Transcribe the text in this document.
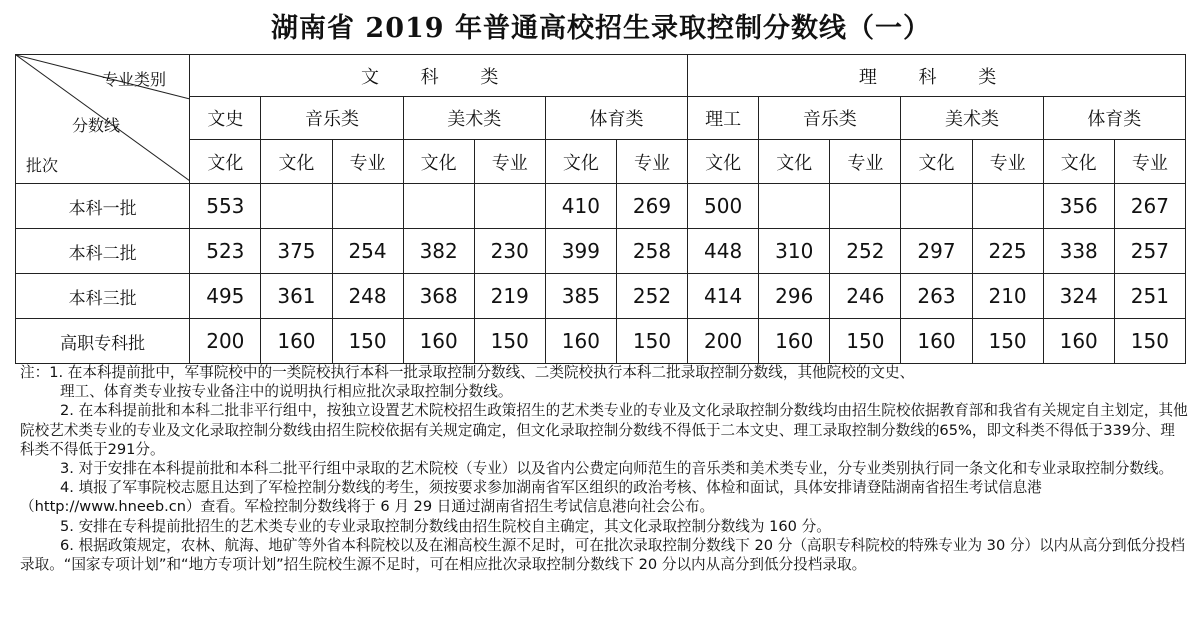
湖南省 2019 年普通高校招生录取控制分数线（一）
专业类别
分数线
批次	文 科 类							理 科 类						
	文史	音乐类		美术类		体育类		理工	音乐类		美术类		体育类	
	文化	文化	专业	文化	专业	文化	专业	文化	文化	专业	文化	专业	文化	专业
本科一批	553					410	269	500					356	267
本科二批	523	375	254	382	230	399	258	448	310	252	297	225	338	257
本科三批	495	361	248	368	219	385	252	414	296	246	263	210	324	251
高职专科批	200	160	150	160	150	160	150	200	160	150	160	150	160	150

注：1. 在本科提前批中，军事院校中的一类院校执行本科一批录取控制分数线、二类院校执行本科二批录取控制分数线，其他院校的文史、

理工、体育类专业按专业备注中的说明执行相应批次录取控制分数线。

2. 在本科提前批和本科二批非平行组中，按独立设置艺术院校招生政策招生的艺术类专业的专业及文化录取控制分数线均由招生院校依据教育部和我省有关规定自主划定，其他院校艺术类专业的专业及文化录取控制分数线由招生院校依据有关规定确定，但文化录取控制分数线不得低于二本文史、理工录取控制分数线的65%，即文科类不得低于339分、理科类不得低于291分。

3. 对于安排在本科提前批和本科二批平行组中录取的艺术院校（专业）以及省内公费定向师范生的音乐类和美术类专业，分专业类别执行同一条文化和专业录取控制分数线。

4. 填报了军事院校志愿且达到了军检控制分数线的考生，须按要求参加湖南省军区组织的政治考核、体检和面试，具体安排请登陆湖南省招生考试信息港（http://www.hneeb.cn）查看。军检控制分数线将于 6 月 29 日通过湖南省招生考试信息港向社会公布。

5. 安排在专科提前批招生的艺术类专业的专业录取控制分数线由招生院校自主确定，其文化录取控制分数线为 160 分。

6. 根据政策规定，农林、航海、地矿等外省本科院校以及在湘高校生源不足时，可在批次录取控制分数线下 20 分（高职专科院校的特殊专业为 30 分）以内从高分到低分投档录取。“国家专项计划”和“地方专项计划”招生院校生源不足时，可在相应批次录取控制分数线下 20 分以内从高分到低分投档录取。
